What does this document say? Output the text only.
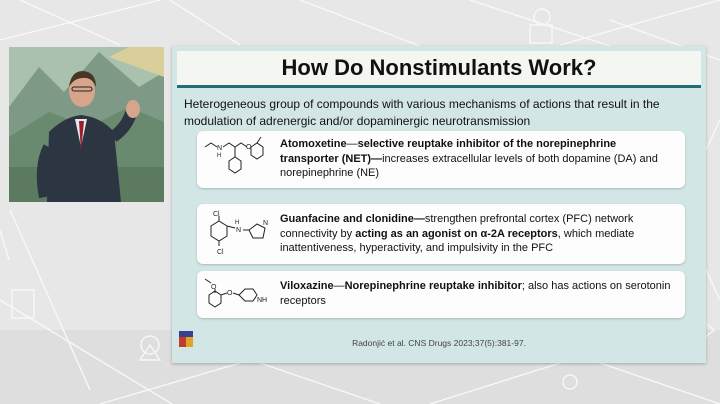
How Do Nonstimulants Work?
Heterogeneous group of compounds with various mechanisms of actions that result in the modulation of adrenergic and/or dopaminergic neurotransmission
N
H
O	Atomoxetine—selective reuptake inhibitor of the norepinephrine transporter (NET)—increases extracellular levels of both dopamine (DA) and norepinephrine (NE)
Cl
Cl
H
N
N Guanfacine and clonidine—strengthen prefrontal cortex (PFC) network connectivity by acting as an agonist on α-2A receptors, which mediate inattentiveness, hyperactivity, and impulsivity in the PFC
O
O
NH
Viloxazine—Norepinephrine reuptake inhibitor; also has actions on serotonin receptors
Radonjić et al. CNS Drugs 2023;37(5):381-97.
